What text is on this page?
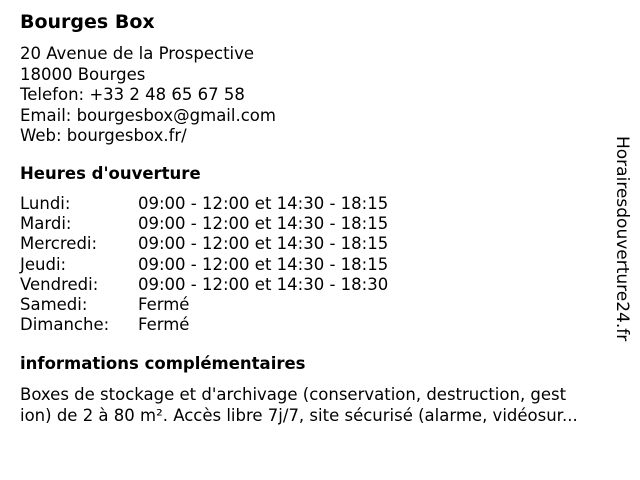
Bourges Box
20 Avenue de la Prospective
18000 Bourges
Telefon: +33 2 48 65 67 58
Email: bourgesbox@gmail.com
Web: bourgesbox.fr/
Heures d'ouverture
Lundi:	09:00 - 12:00 et 14:30 - 18:15
Mardi:	09:00 - 12:00 et 14:30 - 18:15
Mercredi:	09:00 - 12:00 et 14:30 - 18:15
Jeudi:	09:00 - 12:00 et 14:30 - 18:15
Vendredi:	09:00 - 12:00 et 14:30 - 18:30
Samedi:	Fermé
Dimanche:	Fermé
informations complémentaires
Boxes de stockage et d'archivage (conservation, destruction, gest
ion) de 2 à 80 m². Accès libre 7j/7, site sécurisé (alarme, vidéosur...
Horairesdouverture24.fr
